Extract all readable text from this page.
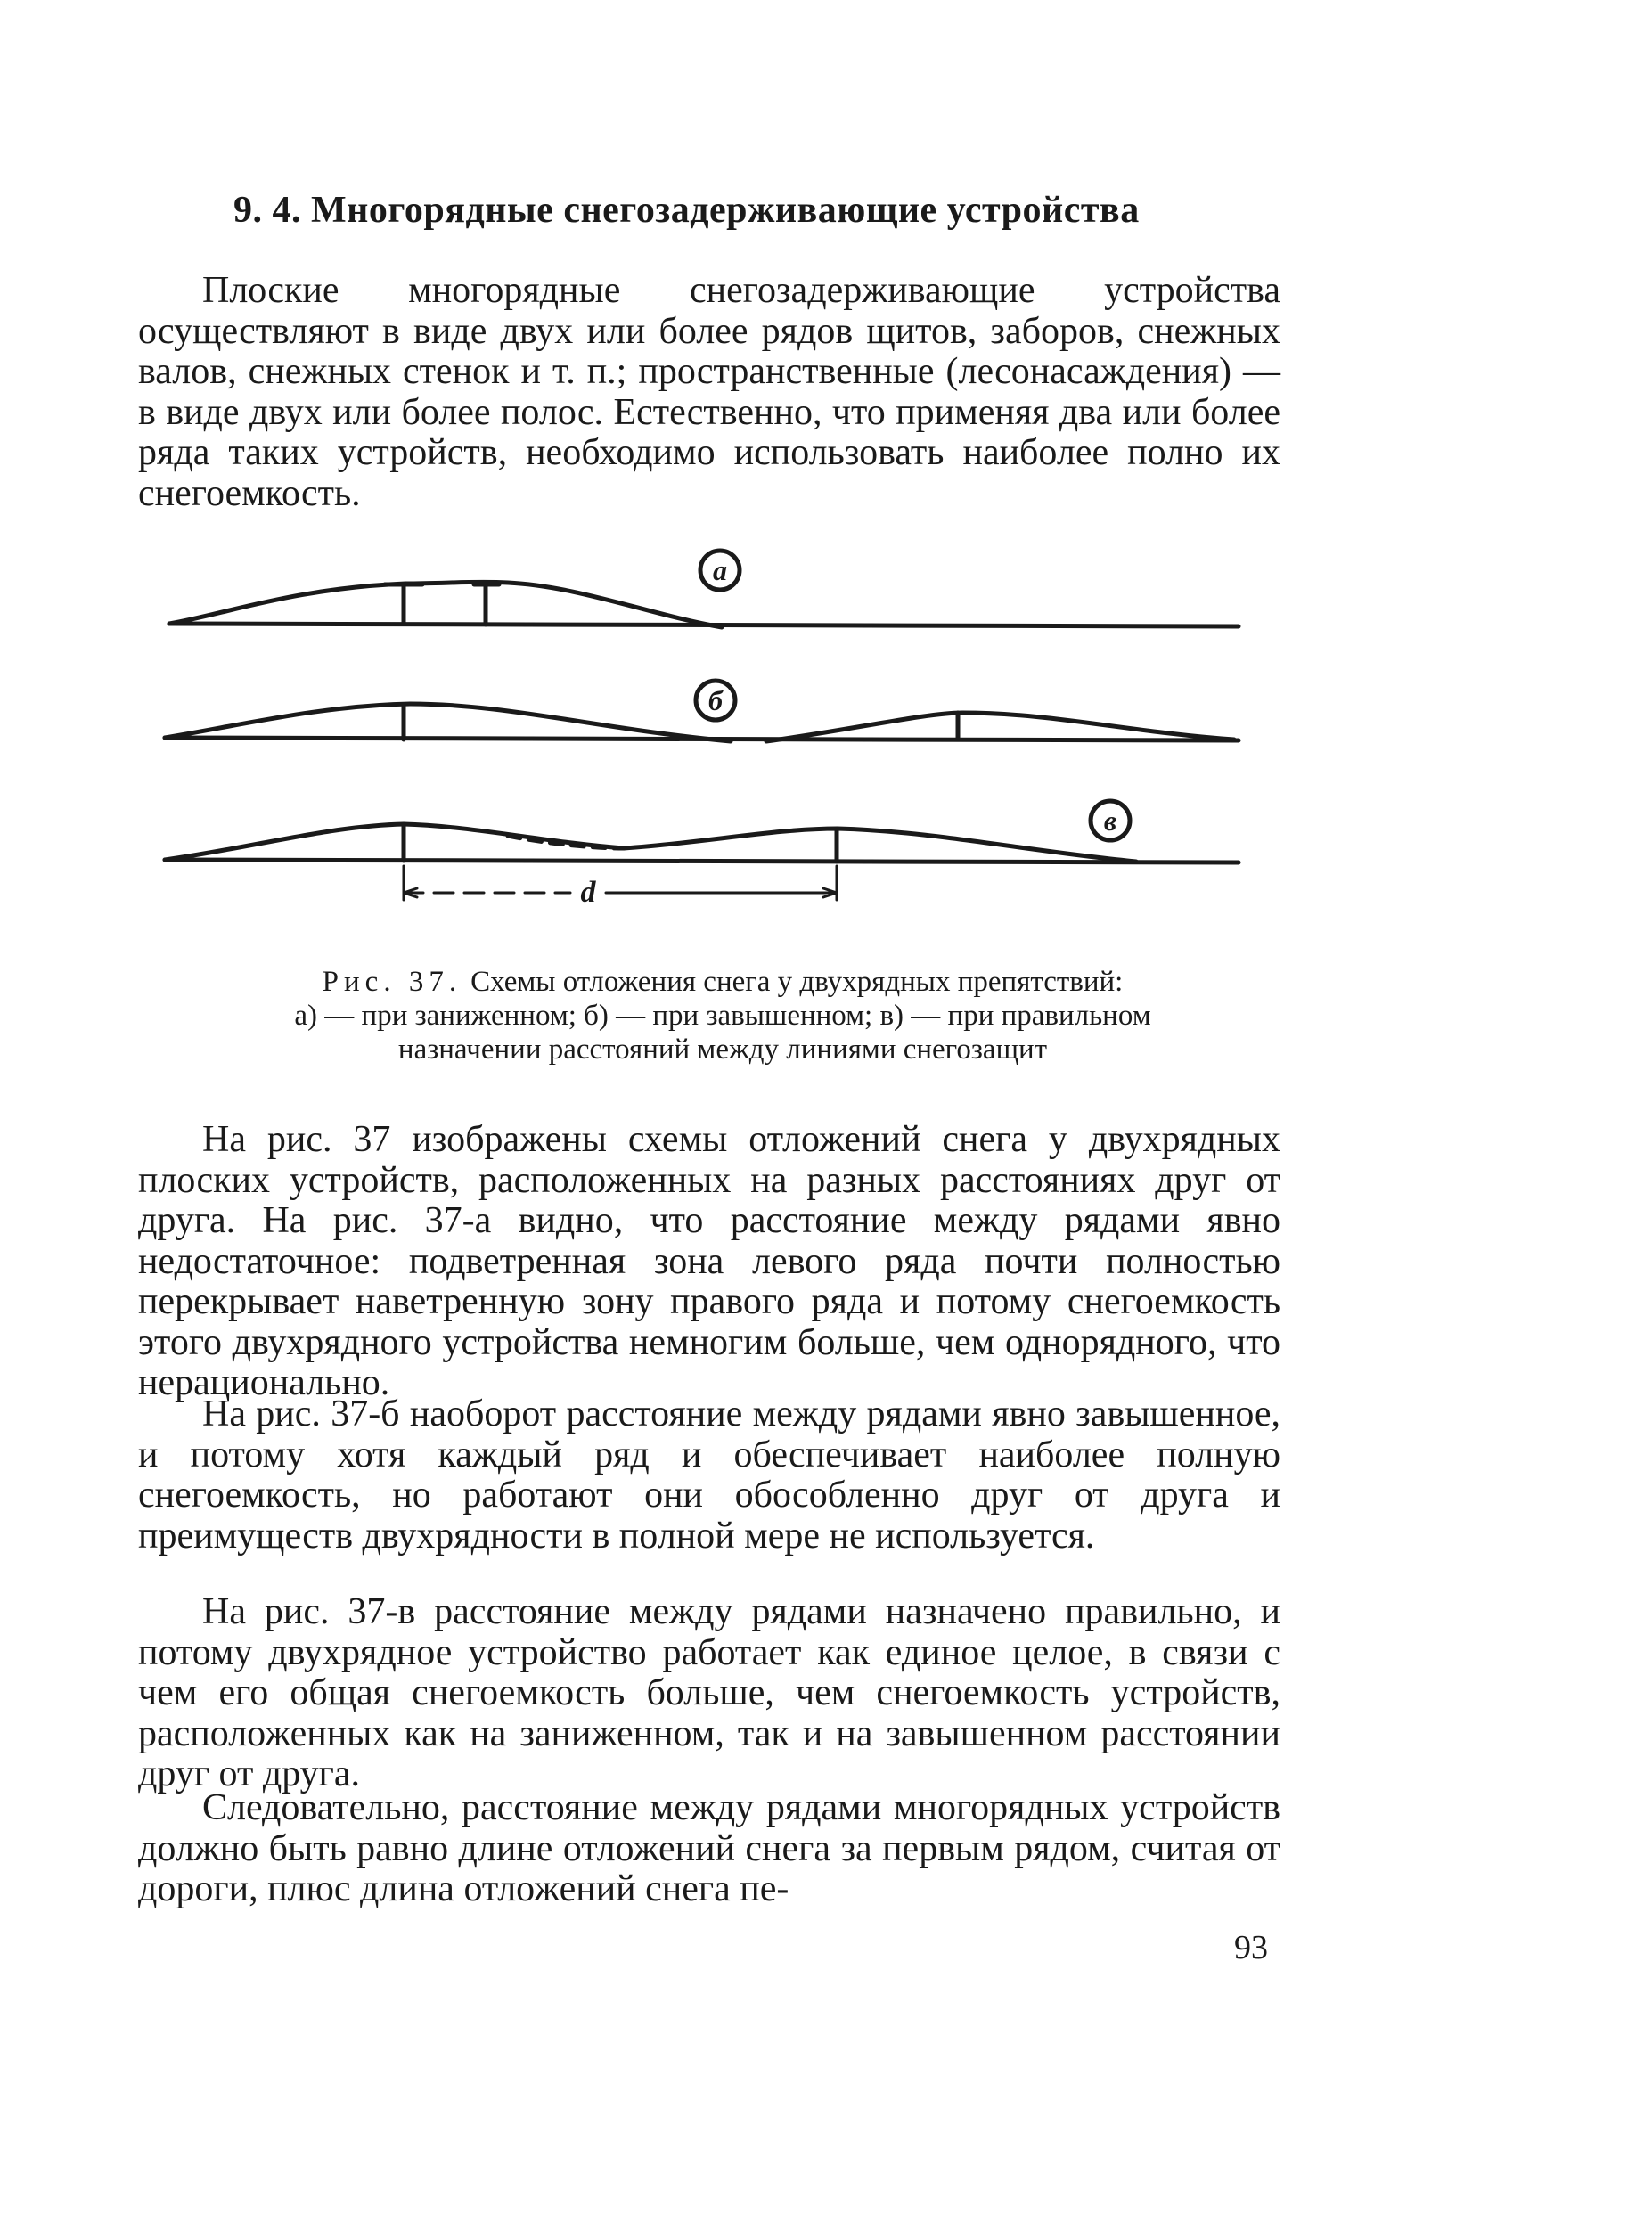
9. 4. Многорядные снегозадерживающие устройства

Плоские многорядные снегозадерживающие устройства осуществляют в виде двух или более рядов щитов, заборов, снежных валов, снежных стенок и т. п.; пространственные (лесонасаждения) — в виде двух или более полос. Естественно, что применяя два или более ряда таких устройств, необходимо использовать наиболее полно их снегоемкость.

а
б
в
d
Рис. 37. Схемы отложения снега у двухрядных препятствий:
а) — при заниженном; б) — при завышенном; в) — при правильном
назначении расстояний между линиями снегозащит

На рис. 37 изображены схемы отложений снега у двухрядных плоских устройств, расположенных на разных расстояниях друг от друга. На рис. 37-а видно, что расстояние между рядами явно недостаточное: подветренная зона левого ряда почти полностью перекрывает наветренную зону правого ряда и потому снегоемкость этого двухрядного устройства немногим больше, чем однорядного, что нерационально.

На рис. 37-б наоборот расстояние между рядами явно завышенное, и потому хотя каждый ряд и обеспечивает наиболее полную снегоемкость, но работают они обособленно друг от друга и преимуществ двухрядности в полной мере не используется.

На рис. 37-в расстояние между рядами назначено правильно, и потому двухрядное устройство работает как единое целое, в связи с чем его общая снегоемкость больше, чем снегоемкость устройств, расположенных как на заниженном, так и на завышенном расстоянии друг от друга.

Следовательно, расстояние между рядами многорядных устройств должно быть равно длине отложений снега за первым рядом, считая от дороги, плюс длина отложений снега пе-

93
